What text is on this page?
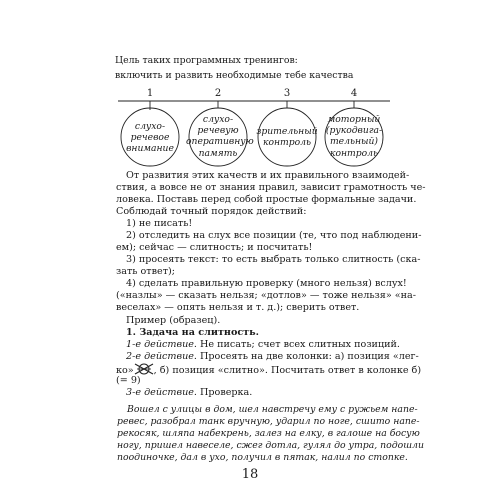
Цель таких программных тренингов:
включить и развить необходимые тебе качества
1	2	3	4
слухо-
речевое
внимание
слухо-
речевую
оперативную
память
зрительный
контроль
моторный
(рукодвига-
тельный)
контроль
От развития этих качеств и их правильного взаимодей-
ствия, а вовсе не от знания правил, зависит грамотность че-
ловека. Поставь перед собой простые формальные задачи.
Соблюдай точный порядок действий:
1) не писать!
2) отследить на слух все позиции (те, что под наблюдени-
ем); сейчас — слитность; и посчитать!
3) просеять текст: то есть выбрать только слитность (ска-
зать ответ);
4) сделать правильную проверку (много нельзя) вслух!
(«назлы» — сказать нельзя; «дотлов» — тоже нельзя» «на-
веселах» — опять нельзя и т. д.); сверить ответ.
Пример (образец).
1. Задача на слитность.
1-е действие. Не писать; счет всех слитных позиций.
2-е действие. Просеять на две колонки: а) позиция «лег-
ко» , б) позиция «слитно». Посчитать ответ в колонке б)
(= 9)
3-е действие. Проверка.
Вошел с улицы в дом, шел навстречу ему с ружьем напе-
ревес, разобрал танк вручную, ударил по ноге, сшито напе-
рекосяк, шляпа набекрень, залез на елку, в галоше на босую
ногу, пришел навеселе, сжег дотла, гулял до утра, подошли
поодиночке, дал в ухо, получил в пятак, налил по стопке.
18
